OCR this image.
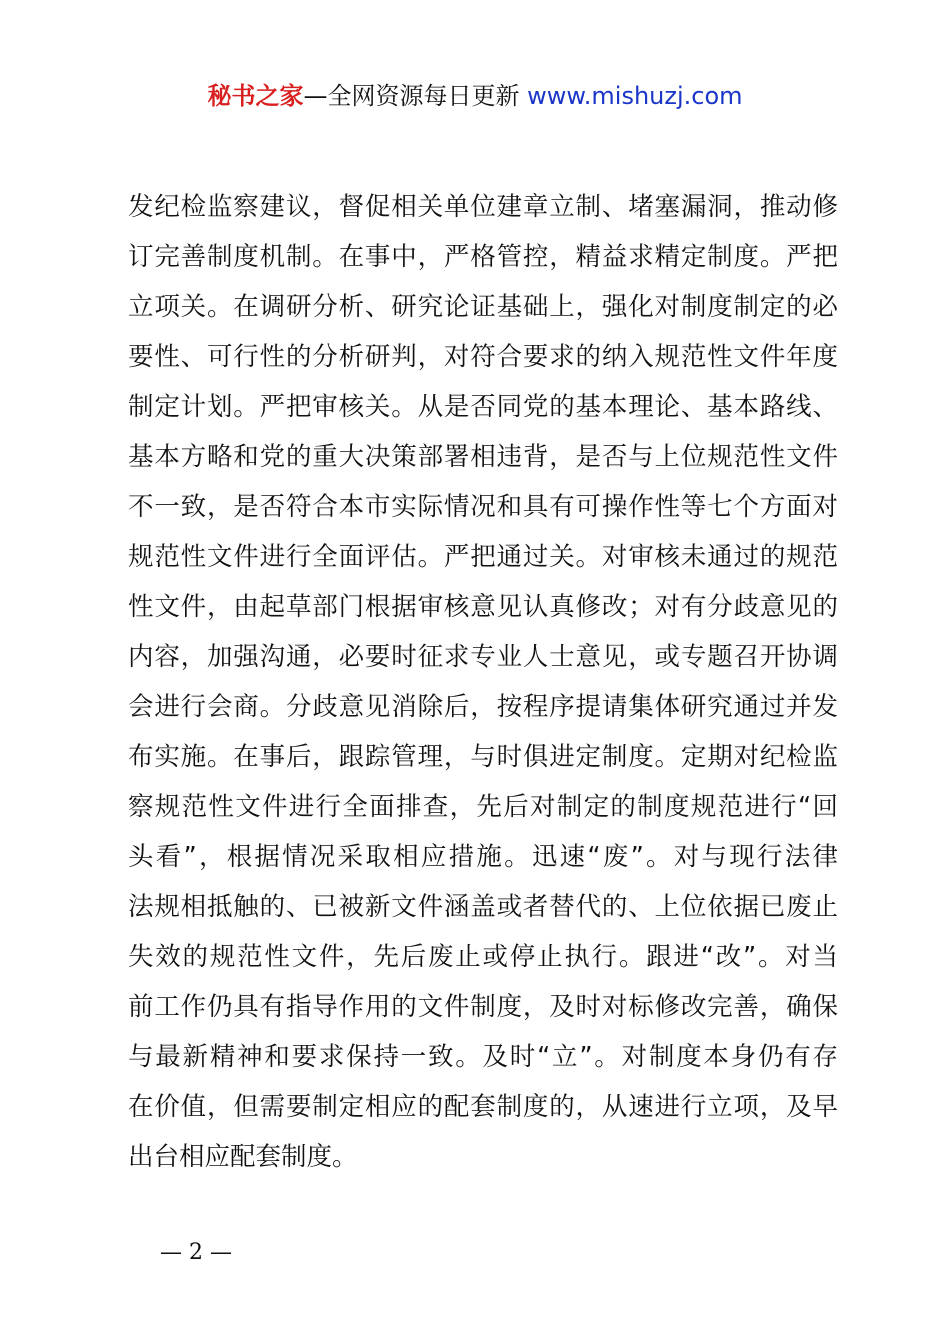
秘书之家—全网资源每日更新 www.mishuzj.com
发纪检监察建议，督促相关单位建章立制、堵塞漏洞，推动修
订完善制度机制。在事中，严格管控，精益求精定制度。严把
立项关。在调研分析、研究论证基础上，强化对制度制定的必
要性、可行性的分析研判，对符合要求的纳入规范性文件年度
制定计划。严把审核关。从是否同党的基本理论、基本路线、
基本方略和党的重大决策部署相违背，是否与上位规范性文件
不一致，是否符合本市实际情况和具有可操作性等七个方面对
规范性文件进行全面评估。严把通过关。对审核未通过的规范
性文件，由起草部门根据审核意见认真修改；对有分歧意见的
内容，加强沟通，必要时征求专业人士意见，或专题召开协调
会进行会商。分歧意见消除后，按程序提请集体研究通过并发
布实施。在事后，跟踪管理，与时俱进定制度。定期对纪检监
察规范性文件进行全面排查，先后对制定的制度规范进行“回
头看”，根据情况采取相应措施。迅速“废”。对与现行法律
法规相抵触的、已被新文件涵盖或者替代的、上位依据已废止
失效的规范性文件，先后废止或停止执行。跟进“改”。对当
前工作仍具有指导作用的文件制度，及时对标修改完善，确保
与最新精神和要求保持一致。及时“立”。对制度本身仍有存
在价值，但需要制定相应的配套制度的，从速进行立项，及早
出台相应配套制度。
— 2 —
